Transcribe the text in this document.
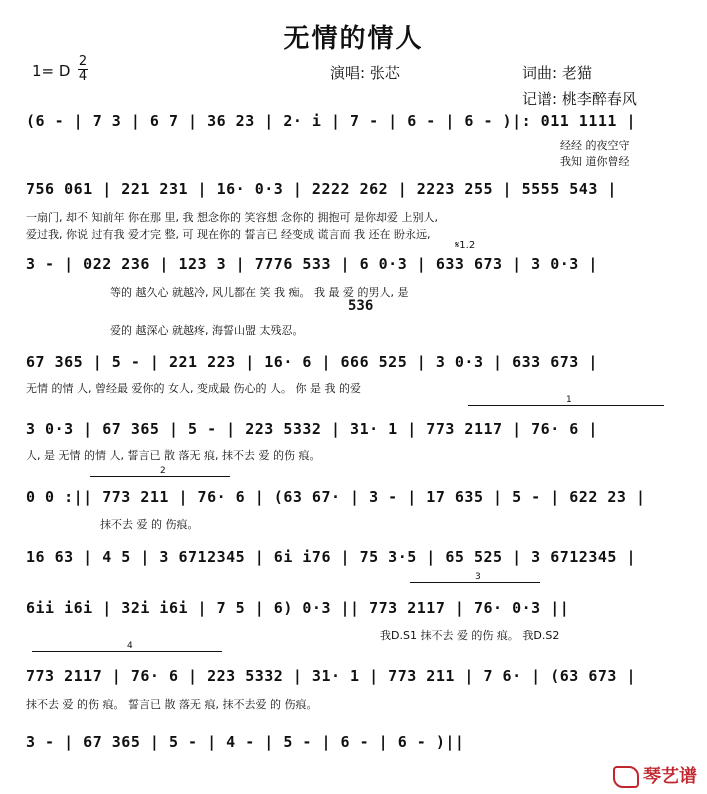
无情的情人
1= D
2
4	演唱: 张芯	词曲: 老猫
记谱: 桃李醉春风
(6 - | 7 3 | 6 7 | 36 23 | 2· i | 7 - | 6 - | 6 - )|: 011 1111 |
经经 的夜空守
我知 道你曾经
756 061 | 221 231 | 16· 0·3 | 2222 262 | 2223 255 | 5555 543 |
一扇门, 却不 知前年 你在那 里, 我 想念你的 笑容想 念你的 拥抱可 是你却爱 上别人,
爱过我, 你说 过有我 爱才完 整, 可 现在你的 誓言已 经变成 谎言而 我 还在 盼永远,
𝄋1.2
3 - | 022 236 | 123 3 | 7776 533 | 6 0·3 | 633 673 | 3 0·3 |
等的 越久心 就越冷, 风儿都在 笑 我 痴。 我 最 爱 的男人, 是
536
爱的 越深心 就越疼, 海誓山盟 太残忍。
67 365 | 5 - | 221 223 | 16· 6 | 666 525 | 3 0·3 | 633 673 |
无情 的情 人, 曾经最 爱你的 女人, 变成最 伤心的 人。 你 是 我 的爱
1
3 0·3 | 67 365 | 5 - | 223 5332 | 31· 1 | 773 2117 | 76· 6 |
人, 是 无情 的情 人, 誓言已 散 落无 痕, 抹不去 爱 的伤 痕。
2
0 0 :|| 773 211 | 76· 6 | (63 67· | 3 - | 17 635 | 5 - | 622 23 |
抹不去 爱 的 伤痕。
16 63 | 4 5 | 3 6712345 | 6i i76 | 75 3·5 | 65 525 | 3 6712345 |
3
6ii i6i | 32i i6i | 7 5 | 6) 0·3 || 773 2117 | 76· 0·3 ||
我D.S1 抹不去 爱 的伤 痕。 我D.S2
4
773 2117 | 76· 6 | 223 5332 | 31· 1 | 773 211 | 7 6· | (63 673 |
抹不去 爱 的伤 痕。 誓言已 散 落无 痕, 抹不去爱 的 伤痕。
3 - | 67 365 | 5 - | 4 - | 5 - | 6 - | 6 - )||
琴艺谱
